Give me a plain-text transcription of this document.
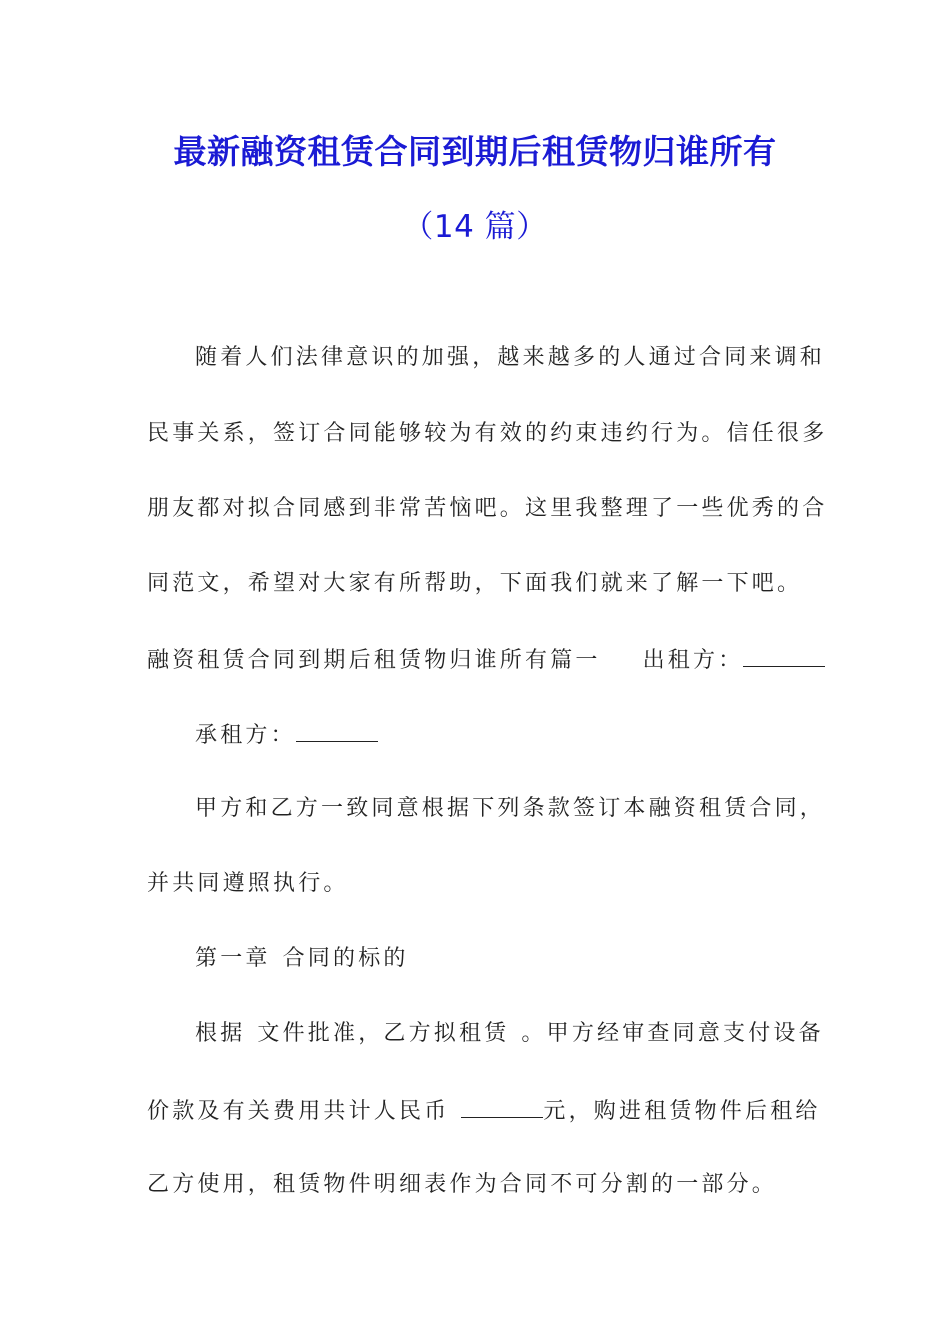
最新融资租赁合同到期后租赁物归谁所有
（14 篇）
随着人们法律意识的加强，越来越多的人通过合同来调和
民事关系，签订合同能够较为有效的约束违约行为。信任很多
朋友都对拟合同感到非常苦恼吧。这里我整理了一些优秀的合
同范文，希望对大家有所帮助，下面我们就来了解一下吧。
融资租赁合同到期后租赁物归谁所有篇一 出租方：
承租方：
甲方和乙方一致同意根据下列条款签订本融资租赁合同，
并共同遵照执行。
第一章 合同的标的
根据 文件批准，乙方拟租赁 。甲方经审查同意支付设备
价款及有关费用共计人民币	元，购进租赁物件后租给
乙方使用，租赁物件明细表作为合同不可分割的一部分。
